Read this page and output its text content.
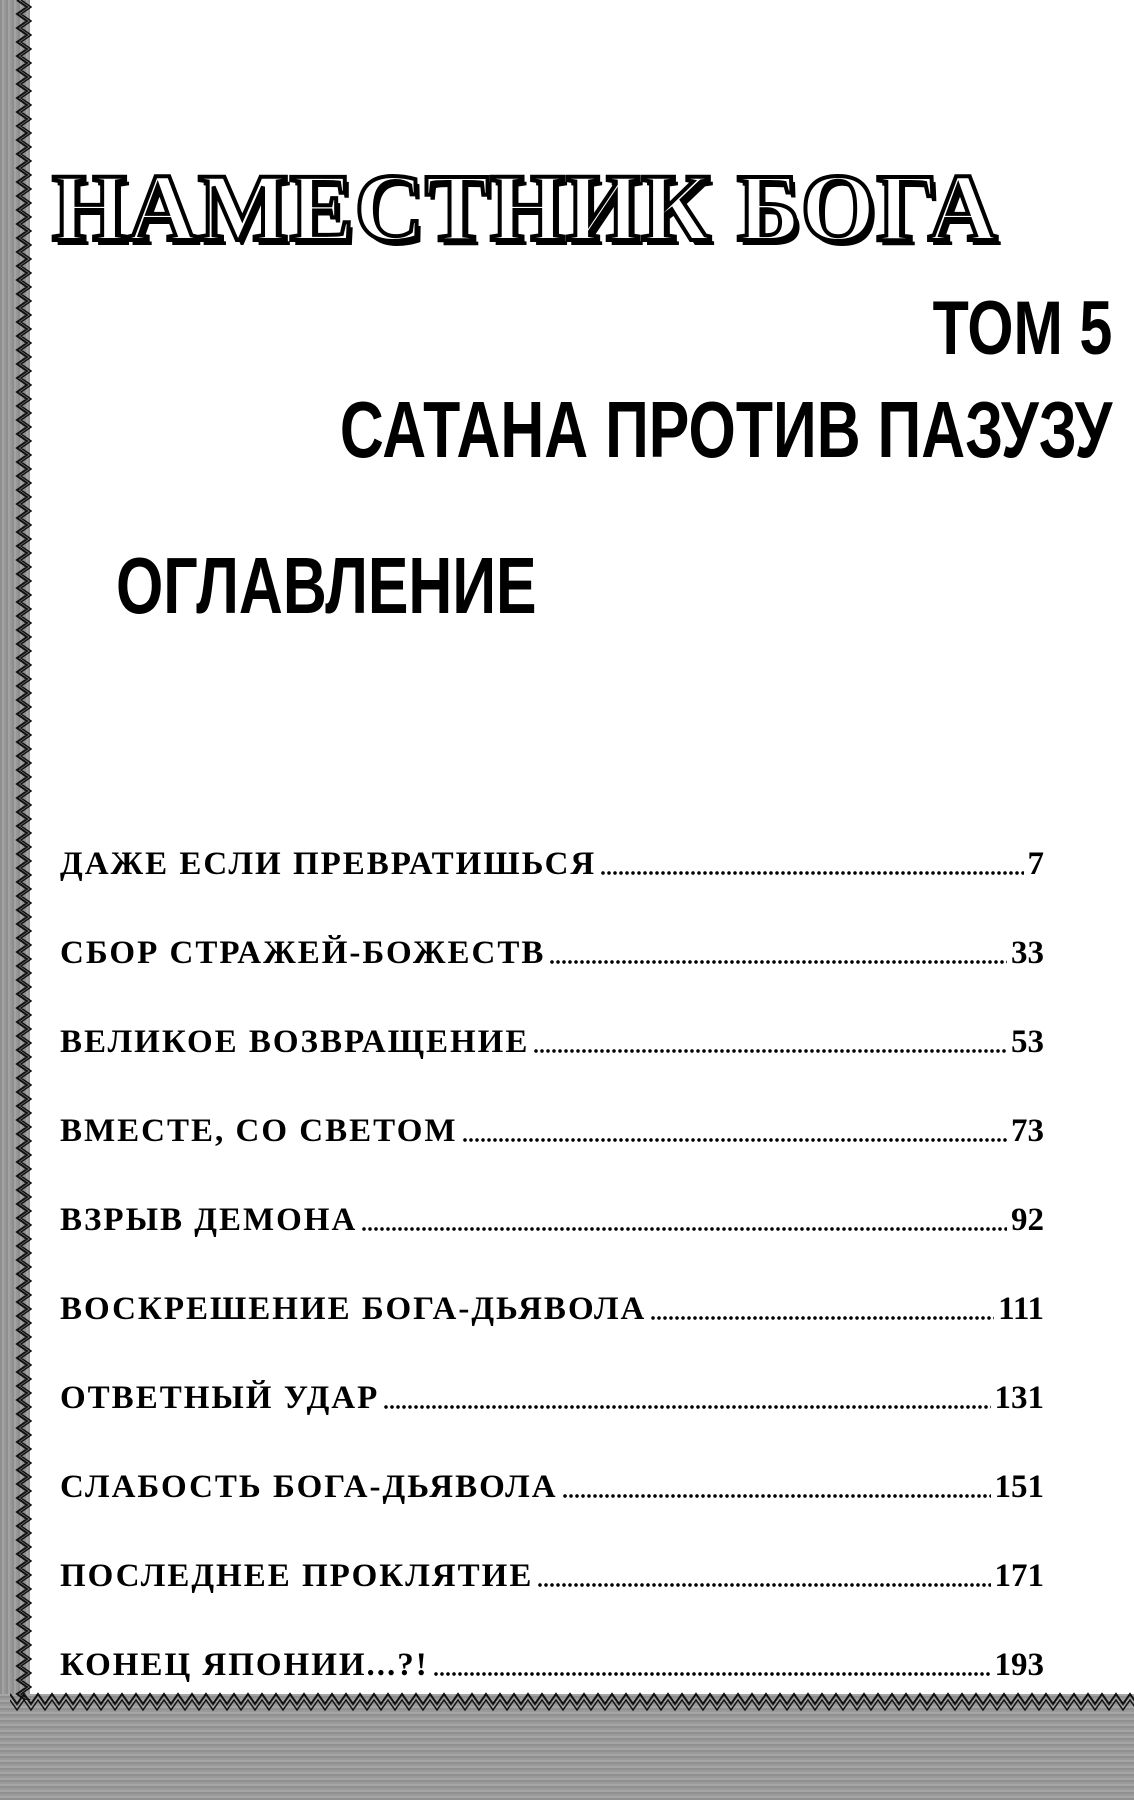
НАМЕСТНИК БОГА
ТОМ 5
САТАНА ПРОТИВ ПАЗУЗУ
ОГЛАВЛЕНИЕ
ДАЖЕ ЕСЛИ ПРЕВРАТИШЬСЯ	7
СБОР СТРАЖЕЙ-БОЖЕСТВ	33
ВЕЛИКОЕ ВОЗВРАЩЕНИЕ	53
ВМЕСТЕ, СО СВЕТОМ	73
ВЗРЫВ ДЕМОНА	92
ВОСКРЕШЕНИЕ БОГА-ДЬЯВОЛА	111
ОТВЕТНЫЙ УДАР	131
СЛАБОСТЬ БОГА-ДЬЯВОЛА	151
ПОСЛЕДНЕЕ ПРОКЛЯТИЕ	171
КОНЕЦ ЯПОНИИ...?!	193
